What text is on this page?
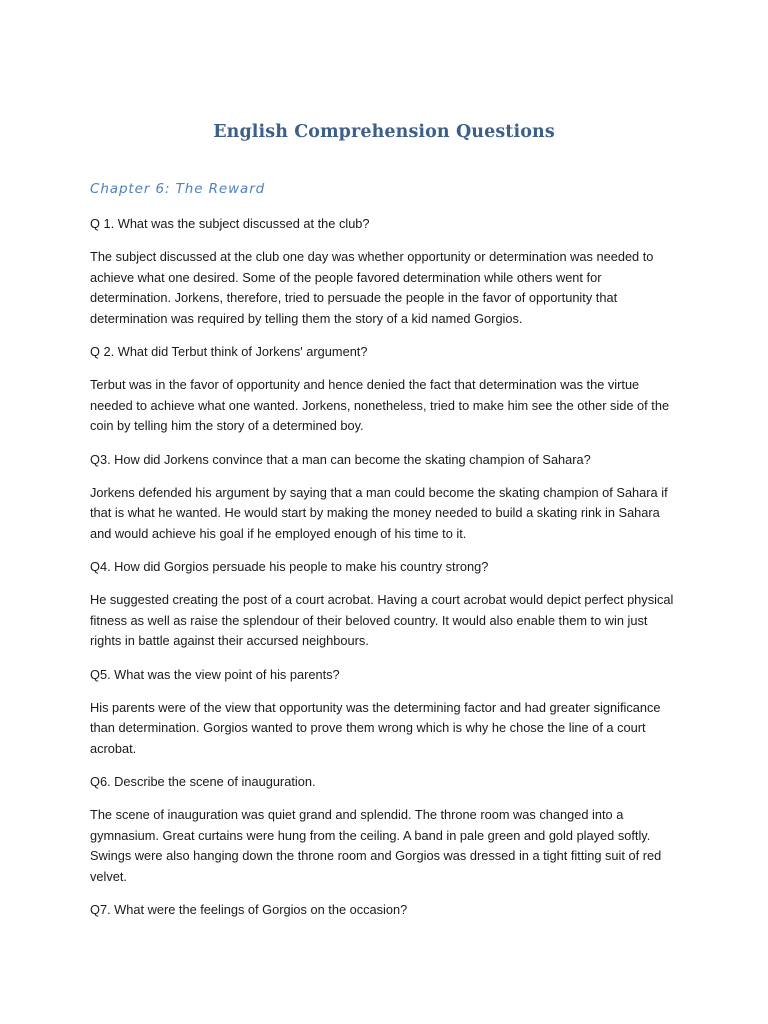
English Comprehension Questions
Chapter 6: The Reward
Q 1. What was the subject discussed at the club?
The subject discussed at the club one day was whether opportunity or determination was needed to
achieve what one desired. Some of the people favored determination while others went for
determination. Jorkens, therefore, tried to persuade the people in the favor of opportunity that
determination was required by telling them the story of a kid named Gorgios.
Q 2. What did Terbut think of Jorkens' argument?
Terbut was in the favor of opportunity and hence denied the fact that determination was the virtue
needed to achieve what one wanted. Jorkens, nonetheless, tried to make him see the other side of the
coin by telling him the story of a determined boy.
Q3. How did Jorkens convince that a man can become the skating champion of Sahara?
Jorkens defended his argument by saying that a man could become the skating champion of Sahara if
that is what he wanted. He would start by making the money needed to build a skating rink in Sahara
and would achieve his goal if he employed enough of his time to it.
Q4. How did Gorgios persuade his people to make his country strong?
He suggested creating the post of a court acrobat. Having a court acrobat would depict perfect physical
fitness as well as raise the splendour of their beloved country. It would also enable them to win just
rights in battle against their accursed neighbours.
Q5. What was the view point of his parents?
His parents were of the view that opportunity was the determining factor and had greater significance
than determination. Gorgios wanted to prove them wrong which is why he chose the line of a court
acrobat.
Q6. Describe the scene of inauguration.
The scene of inauguration was quiet grand and splendid. The throne room was changed into a
gymnasium. Great curtains were hung from the ceiling. A band in pale green and gold played softly.
Swings were also hanging down the throne room and Gorgios was dressed in a tight fitting suit of red
velvet.
Q7. What were the feelings of Gorgios on the occasion?
